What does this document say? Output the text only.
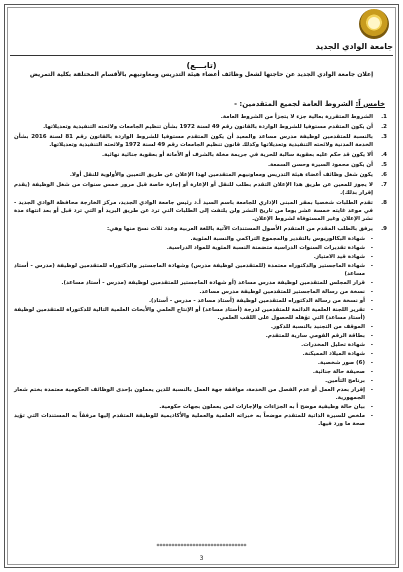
جامعة الوادي الجديد
(تابـــع)
إعلان جامعة الوادي الجديد عن حاجتها لشغل وظائف أعضاء هيئة التدريس ومعاونيهم بالأقسام المختلفة بكلية التمريض
خامس اً: الشروط العامة لجميع المتقدمين: -
1.
الشروط المتقررة بعالية جزء لا يتجزأ من الشروط العامة.
2.
أن يكون المتقدم مستوفيا للشروط الواردة بالقانون رقم 49 لسنة 1972 بشأن تنظيم الجامعات ولائحته التنفيذية وتعديلاتها.
3.
بالنسبة للمتقدمين لوظيفة مدرس مساعد والمعيد أن يكون المتقدم مستوفيا للشروط الواردة بالقانون رقم 81 لسنة 2016 بشأن الخدمة المدنية ولائحته التنفيذية وتعديلاتها وكذلك قانون تنظيم الجامعات رقم 49 لسنة 1972 ولائحته التنفيذية وتعديلاتها.
4.
ألا يكون قد حكم عليه بعقوبة سالبة للحرية في جريمة مخلة بالشرف أو الأمانة أو بعقوبة جنائية نهائية.
5.
أن يكون محمود السيرة وحسن السمعة.
6.
يكون شغل وظائف أعضاء هيئة التدريس ومعاونيهم المتقدمين لهذا الإعلان عن طريق التعيين والأولوية للنقل أولا.
7.
لا يجوز للمعين عن طريق هذا الإعلان التقدم بطلب للنقل أو الإعارة أو إجازة خاصة قبل مرور خمس سنوات من شغل الوظيفة (يقدم إقرار بذلك).
8.
تقدم الطلبات شخصيا بمقر المبنى الإداري للجامعة باسم السيد أ.د رئيس جامعة الوادي الجديد، مركز الخارجة محافظة الوادي الجديد - في موعد غايته خمسة عشر يوما من تاريخ النشر ولن يلتفت إلى الطلبات التي ترد عن طريق البريد أو التي ترد قبل أو بعد انتهاء مدة نشر الإعلان وغير المستوفاة لشروط الإعلان.
9.
يرفق بالطلب المقدم من المتقدم الأصول المستندات الآتية باللغة العربية وعدد ثلاث نسخ منها وهي:
-
شهادة البكالوريوس بالتقدير والمجموع التراكمي والنسبة المئوية.
-
شهادة تقديرات السنوات الدراسية متضمنة النسبة المئوية للمواد الدراسية.
-
شهادة قيد الامتياز.
-
شهادة الماجستير والدكتوراه معتمدة (للمتقدمين لوظيفة مدرس) وشهادة الماجستير والدكتوراه للمتقدمين لوظيفة (مدرس - أستاذ مساعد)
-
قرار المجلس للمتقدمين لوظيفة مدرس مساعد (أو شهادة الماجستير للمتقدمين لوظيفة (مدرس - أستاذ مساعد).
-
نسخة من رسالة الماجستير للمتقدمين لوظيفة مدرس مساعد.
-
أو نسخة من رسالة الدكتوراه للمتقدمين لوظيفة (أستاذ مساعد - مدرس - أستاذ).
-
تقرير اللجنة العلمية الدائمة للمتقدمين لدرجة (أستاذ مساعد) أو الإنتاج العلمي والأبحاث العلمية التالية للدكتوراة للمتقدمين لوظيفة (أستاذ مساعد) التي تؤهله للحصول على اللقب العلمي.
-
الموقف من التجنيد بالنسبة للذكور.
-
بطاقة الرقم القومي سارية للمتقدم.
-
شهادة تحليل المخدرات.
-
شهادة الميلاد المميكنة.
-
(6) صور شخصية.
-
صحيفة حالة جنائية.
-
برنامج التأمين.
-
إقرار بعدم العمل أو عدم الفصل من الخدمة، موافقة جهة العمل بالنسبة للذين يعملون بإحدى الوظائف الحكومية معتمدة بختم شعار الجمهورية.
-
بيان حالة وظيفية موضح أ به الجزاءات والإجازات لمن يعملون بجهات حكومية.
-
ملخص للسيرة الذاتية للمتقدم موضحاً به خبراته العلمية والعملية والأكاديمية للوظيفة المتقدم إليها مرفقاً به المستندات التي تؤيد صحة ما ورد فيها.
******************************
3
